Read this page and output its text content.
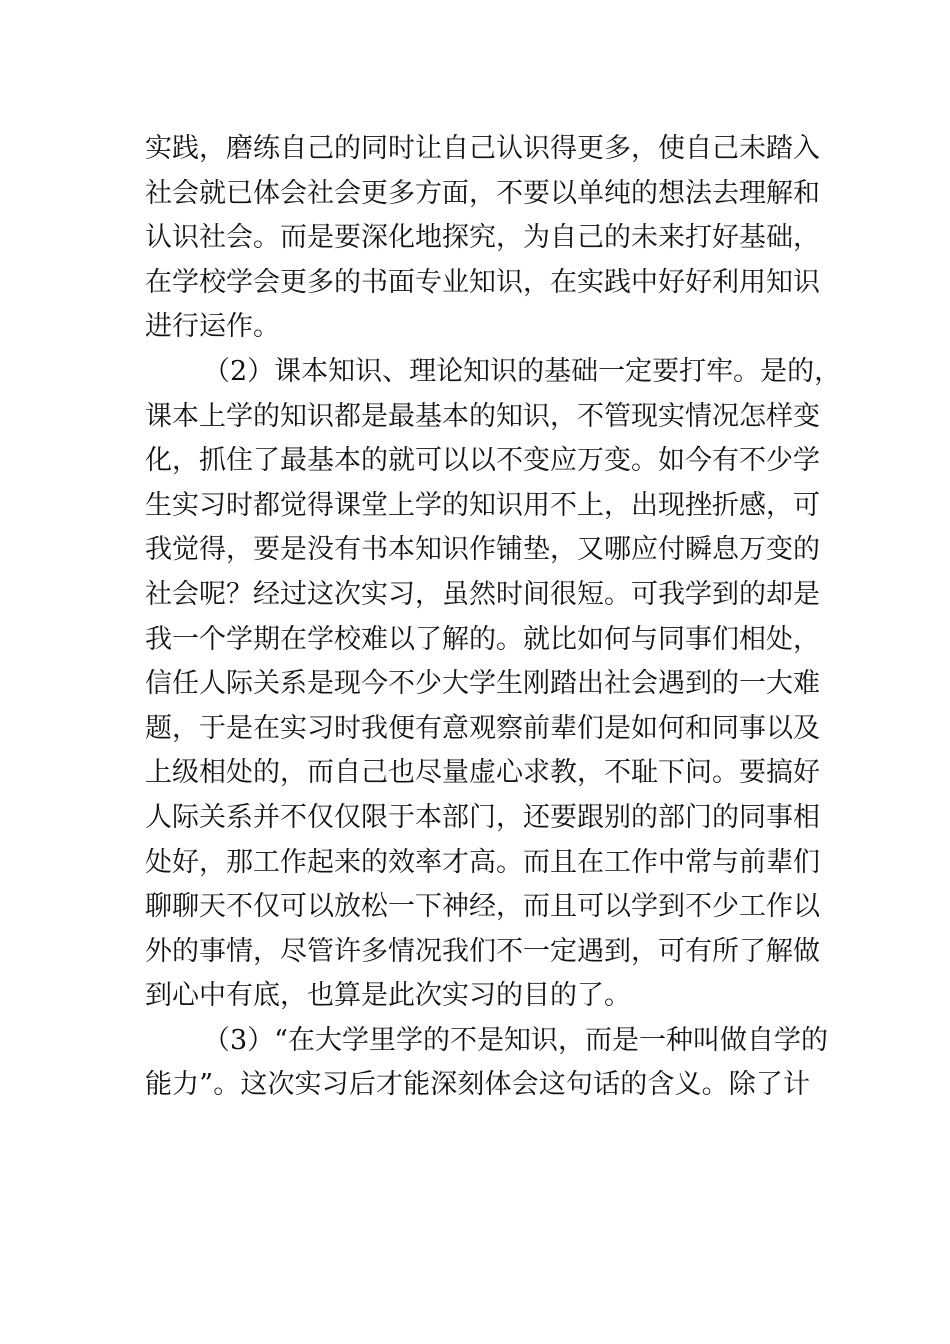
实践，磨练自己的同时让自己认识得更多，使自己未踏入
社会就已体会社会更多方面，不要以单纯的想法去理解和
认识社会。而是要深化地探究，为自己的未来打好基础，
在学校学会更多的书面专业知识，在实践中好好利用知识
进行运作。
（2）课本知识、理论知识的基础一定要打牢。是的，
课本上学的知识都是最基本的知识，不管现实情况怎样变
化，抓住了最基本的就可以以不变应万变。如今有不少学
生实习时都觉得课堂上学的知识用不上，出现挫折感，可
我觉得，要是没有书本知识作铺垫，又哪应付瞬息万变的
社会呢？经过这次实习，虽然时间很短。可我学到的却是
我一个学期在学校难以了解的。就比如何与同事们相处，
信任人际关系是现今不少大学生刚踏出社会遇到的一大难
题，于是在实习时我便有意观察前辈们是如何和同事以及
上级相处的，而自己也尽量虚心求教，不耻下问。要搞好
人际关系并不仅仅限于本部门，还要跟别的部门的同事相
处好，那工作起来的效率才高。而且在工作中常与前辈们
聊聊天不仅可以放松一下神经，而且可以学到不少工作以
外的事情，尽管许多情况我们不一定遇到，可有所了解做
到心中有底，也算是此次实习的目的了。
（3）“在大学里学的不是知识，而是一种叫做自学的
能力”。这次实习后才能深刻体会这句话的含义。除了计
